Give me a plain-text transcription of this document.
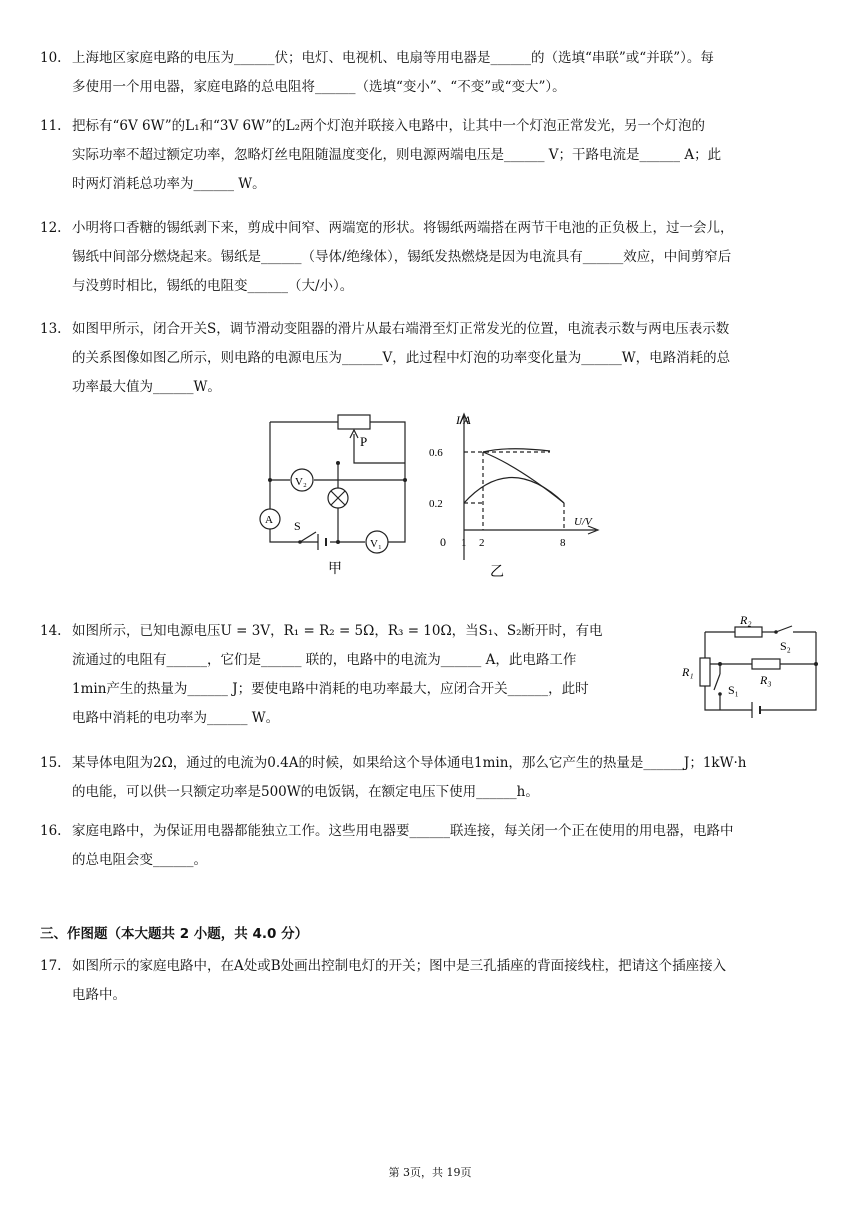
10. 上海地区家庭电路的电压为______伏；电灯、电视机、电扇等用电器是______的（选填“串联”或“并联”）。每
多使用一个用电器，家庭电路的总电阻将______（选填“变小”、“不变”或“变大”）。
11. 把标有“6V 6W”的L₁和“3V 6W”的L₂两个灯泡并联接入电路中，让其中一个灯泡正常发光，另一个灯泡的
实际功率不超过额定功率，忽略灯丝电阻随温度变化，则电源两端电压是______ V；干路电流是______ A；此
时两灯消耗总功率为______ W。
12. 小明将口香糖的锡纸剥下来，剪成中间窄、两端宽的形状。将锡纸两端搭在两节干电池的正负极上，过一会儿，
锡纸中间部分燃烧起来。锡纸是______（导体/绝缘体），锡纸发热燃烧是因为电流具有______效应，中间剪窄后
与没剪时相比，锡纸的电阻变______（大/小）。
13. 如图甲所示，闭合开关S，调节滑动变阻器的滑片从最右端滑至灯正常发光的位置，电流表示数与两电压表示数
的关系图像如图乙所示，则电路的电源电压为______V，此过程中灯泡的功率变化量为______W，电路消耗的总
功率最大值为______W。
P
V₂
A S
V₁
甲
I/A
U/V
0
0.6
0.2
1 2	8
乙
14. 如图所示，已知电源电压U = 3V，R₁ = R₂ = 5Ω，R₃ = 10Ω，当S₁、S₂断开时，有电
流通过的电阻有______，它们是______ 联的，电路中的电流为______ A，此电路工作
1min产生的热量为______ J；要使电路中消耗的电功率最大，应闭合开关______，此时
电路中消耗的电功率为______ W。
R₂
S₂
R₁
R₃
S₁
15. 某导体电阻为2Ω，通过的电流为0.4A的时候，如果给这个导体通电1min，那么它产生的热量是______J；1kW·h
的电能，可以供一只额定功率是500W的电饭锅，在额定电压下使用______h。
16. 家庭电路中，为保证用电器都能独立工作。这些用电器要______联连接，每关闭一个正在使用的用电器，电路中
的总电阻会变______。
三、作图题（本大题共 2 小题，共 4.0 分）
17. 如图所示的家庭电路中，在A处或B处画出控制电灯的开关；图中是三孔插座的背面接线柱，把请这个插座接入
电路中。
第 3页，共 19页
